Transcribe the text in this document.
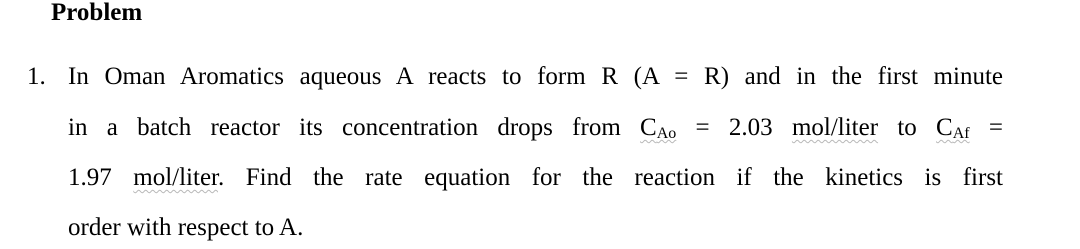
Problem
1. In Oman Aromatics aqueous A reacts to form R (A = R) and in the first minute
in a batch reactor its concentration drops from CAο = 2.03 mol/liter to CAf =
1.97 mol/liter. Find the rate equation for the reaction if the kinetics is first
order with respect to A.
